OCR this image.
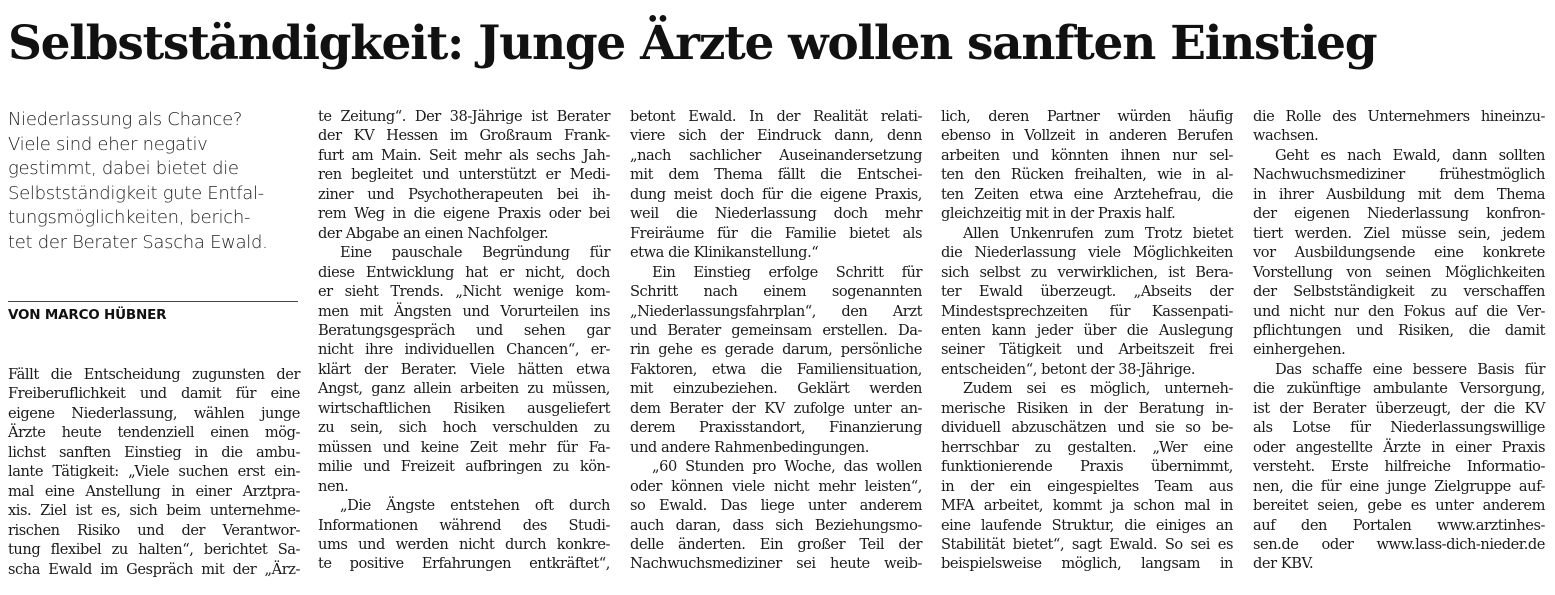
Selbstständigkeit: Junge Ärzte wollen sanften Einstieg
Niederlassung als Chance?
Viele sind eher negativ
gestimmt, dabei bietet die
Selbstständigkeit gute Entfal-
tungsmöglichkeiten, berich-
tet der Berater Sascha Ewald.
VON MARCO HÜBNER
Fällt die Entscheidung zugunsten der
Freiberuflichkeit und damit für eine
eigene Niederlassung, wählen junge
Ärzte heute tendenziell einen mög-
lichst sanften Einstieg in die ambu-
lante Tätigkeit: „Viele suchen erst ein-
mal eine Anstellung in einer Arztpra-
xis. Ziel ist es, sich beim unternehme-
rischen Risiko und der Verantwor-
tung flexibel zu halten“, berichtet Sa-
scha Ewald im Gespräch mit der „Ärz-
te Zeitung“. Der 38-Jährige ist Berater
der KV Hessen im Großraum Frank-
furt am Main. Seit mehr als sechs Jah-
ren begleitet und unterstützt er Medi-
ziner und Psychotherapeuten bei ih-
rem Weg in die eigene Praxis oder bei
der Abgabe an einen Nachfolger.
Eine pauschale Begründung für
diese Entwicklung hat er nicht, doch
er sieht Trends. „Nicht wenige kom-
men mit Ängsten und Vorurteilen ins
Beratungsgespräch und sehen gar
nicht ihre individuellen Chancen“, er-
klärt der Berater. Viele hätten etwa
Angst, ganz allein arbeiten zu müssen,
wirtschaftlichen Risiken ausgeliefert
zu sein, sich hoch verschulden zu
müssen und keine Zeit mehr für Fa-
milie und Freizeit aufbringen zu kön-
nen.
„Die Ängste entstehen oft durch
Informationen während des Studi-
ums und werden nicht durch konkre-
te positive Erfahrungen entkräftet“,
betont Ewald. In der Realität relati-
viere sich der Eindruck dann, denn
„nach sachlicher Auseinandersetzung
mit dem Thema fällt die Entschei-
dung meist doch für die eigene Praxis,
weil die Niederlassung doch mehr
Freiräume für die Familie bietet als
etwa die Klinikanstellung.“
Ein Einstieg erfolge Schritt für
Schritt nach einem sogenannten
„Niederlassungsfahrplan“, den Arzt
und Berater gemeinsam erstellen. Da-
rin gehe es gerade darum, persönliche
Faktoren, etwa die Familiensituation,
mit einzubeziehen. Geklärt werden
dem Berater der KV zufolge unter an-
derem Praxisstandort, Finanzierung
und andere Rahmenbedingungen.
„60 Stunden pro Woche, das wollen
oder können viele nicht mehr leisten“,
so Ewald. Das liege unter anderem
auch daran, dass sich Beziehungsmo-
delle änderten. Ein großer Teil der
Nachwuchsmediziner sei heute weib-
lich, deren Partner würden häufig
ebenso in Vollzeit in anderen Berufen
arbeiten und könnten ihnen nur sel-
ten den Rücken freihalten, wie in al-
ten Zeiten etwa eine Arztehefrau, die
gleichzeitig mit in der Praxis half.
Allen Unkenrufen zum Trotz bietet
die Niederlassung viele Möglichkeiten
sich selbst zu verwirklichen, ist Bera-
ter Ewald überzeugt. „Abseits der
Mindestsprechzeiten für Kassenpati-
enten kann jeder über die Auslegung
seiner Tätigkeit und Arbeitszeit frei
entscheiden“, betont der 38-Jährige.
Zudem sei es möglich, unterneh-
merische Risiken in der Beratung in-
dividuell abzuschätzen und sie so be-
herrschbar zu gestalten. „Wer eine
funktionierende Praxis übernimmt,
in der ein eingespieltes Team aus
MFA arbeitet, kommt ja schon mal in
eine laufende Struktur, die einiges an
Stabilität bietet“, sagt Ewald. So sei es
beispielsweise möglich, langsam in
die Rolle des Unternehmers hineinzu-
wachsen.
Geht es nach Ewald, dann sollten
Nachwuchsmediziner frühestmöglich
in ihrer Ausbildung mit dem Thema
der eigenen Niederlassung konfron-
tiert werden. Ziel müsse sein, jedem
vor Ausbildungsende eine konkrete
Vorstellung von seinen Möglichkeiten
der Selbstständigkeit zu verschaffen
und nicht nur den Fokus auf die Ver-
pflichtungen und Risiken, die damit
einhergehen.
Das schaffe eine bessere Basis für
die zukünftige ambulante Versorgung,
ist der Berater überzeugt, der die KV
als Lotse für Niederlassungswillige
oder angestellte Ärzte in einer Praxis
versteht. Erste hilfreiche Informatio-
nen, die für eine junge Zielgruppe auf-
bereitet seien, gebe es unter anderem
auf den Portalen www.arztinhes-
sen.de oder www.lass-dich-nieder.de
der KBV.
